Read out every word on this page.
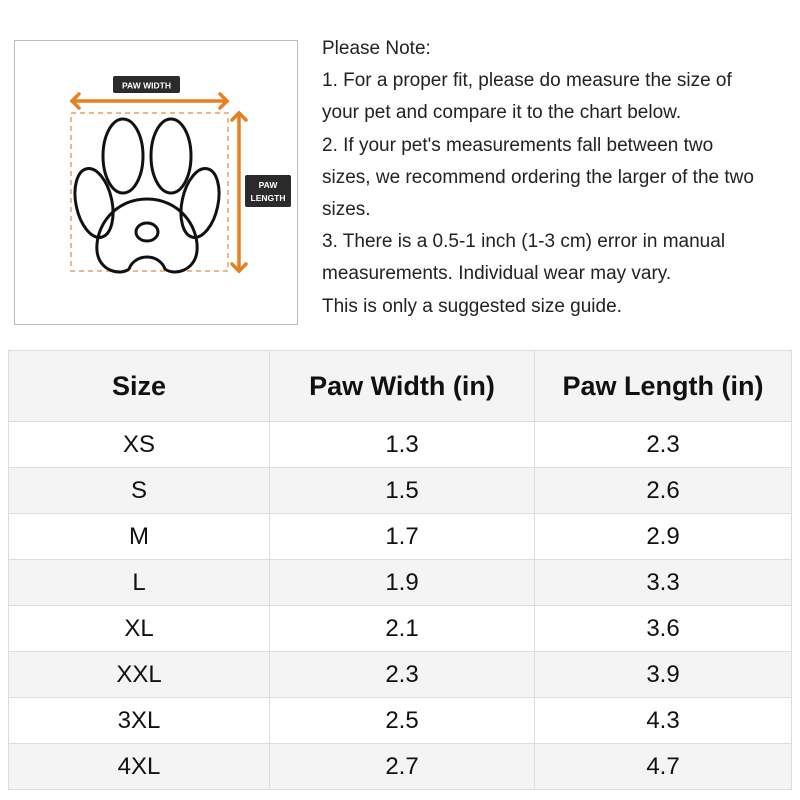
PAW WIDTH
PAW
LENGTH
Please Note:
1. For a proper fit, please do measure the size of
your pet and compare it to the chart below.
2. If your pet's measurements fall between two
sizes, we recommend ordering the larger of the two
sizes.
3. There is a 0.5-1 inch (1-3 cm) error in manual
measurements. Individual wear may vary.
This is only a suggested size guide.
Size	Paw Width (in)	Paw Length (in)
XS	1.3	2.3
S	1.5	2.6
M	1.7	2.9
L	1.9	3.3
XL	2.1	3.6
XXL	2.3	3.9
3XL	2.5	4.3
4XL	2.7	4.7
